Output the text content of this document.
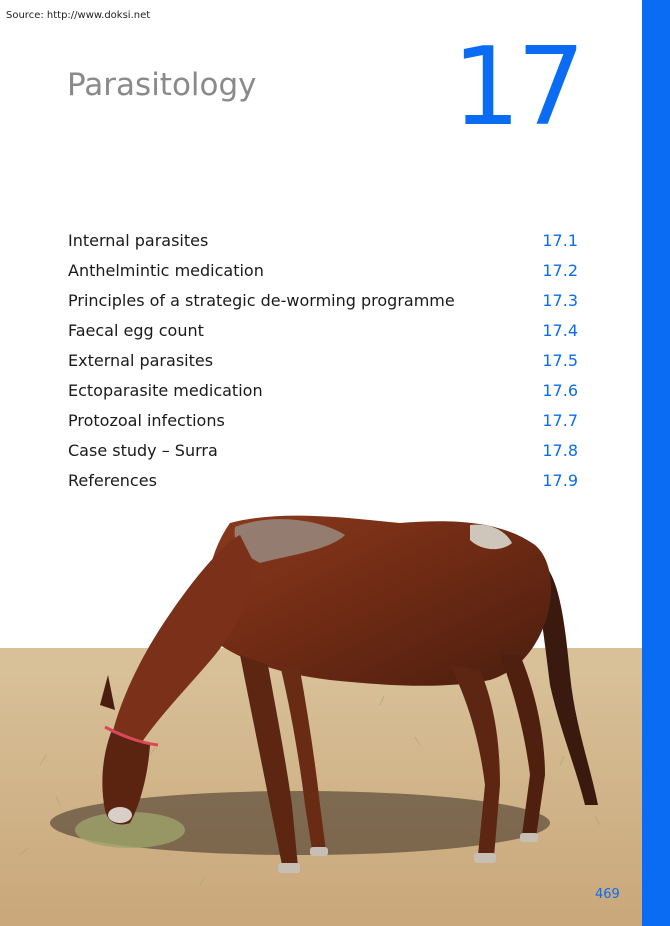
Source: http://www.doksi.net
Parasitology 17
Internal parasites	17.1
Anthelmintic medication	17.2
Principles of a strategic de-worming programme	17.3
Faecal egg count	17.4
External parasites	17.5
Ectoparasite medication	17.6
Protozoal infections	17.7
Case study – Surra	17.8
References	17.9
469
